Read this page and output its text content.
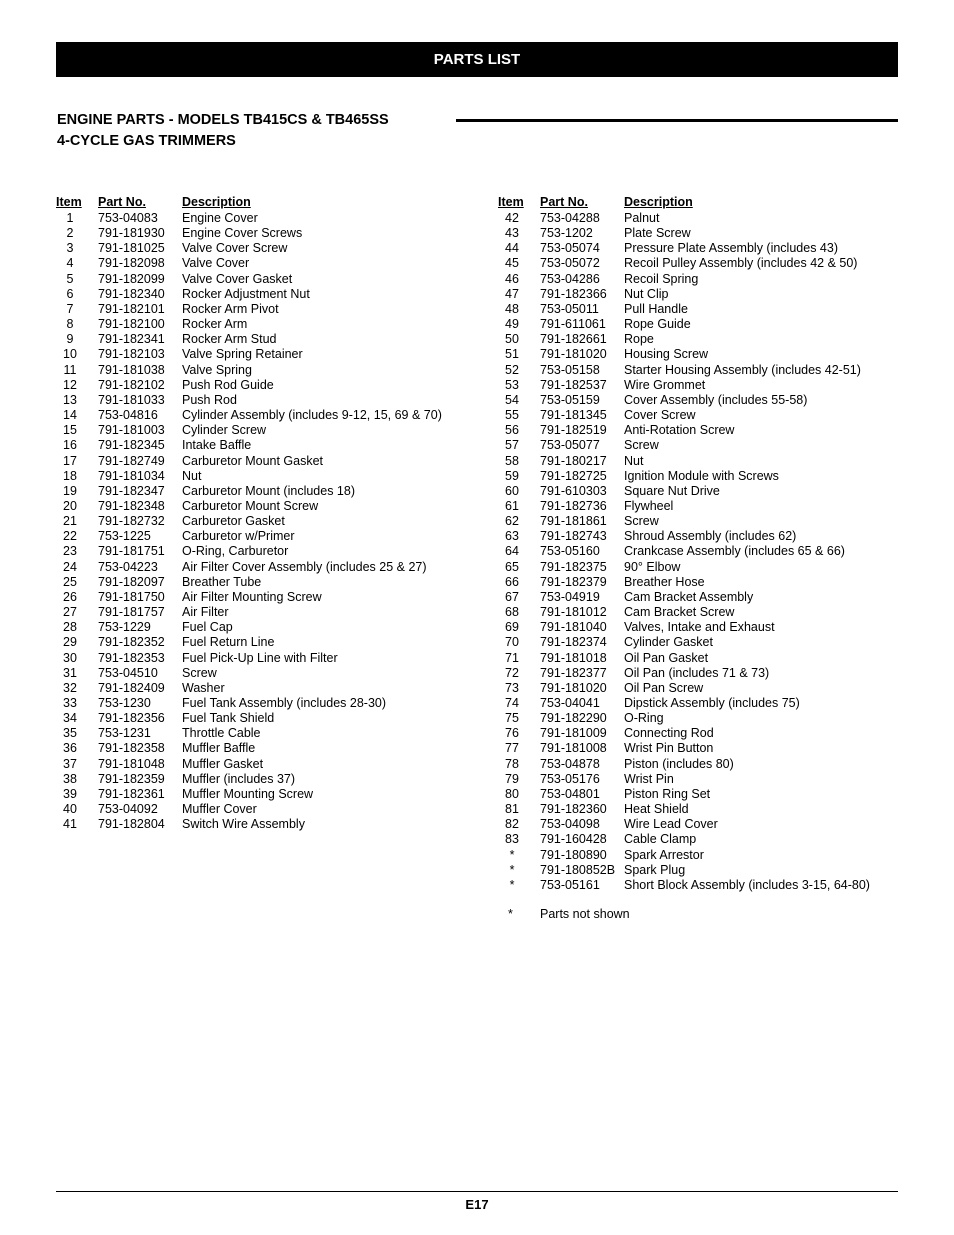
PARTS LIST
ENGINE PARTS - MODELS TB415CS & TB465SS
4-CYCLE GAS TRIMMERS
Item	Part No.	Description
1	753-04083	Engine Cover
2	791-181930	Engine Cover Screws
3	791-181025	Valve Cover Screw
4	791-182098	Valve Cover
5	791-182099	Valve Cover Gasket
6	791-182340	Rocker Adjustment Nut
7	791-182101	Rocker Arm Pivot
8	791-182100	Rocker Arm
9	791-182341	Rocker Arm Stud
10	791-182103	Valve Spring Retainer
11	791-181038	Valve Spring
12	791-182102	Push Rod Guide
13	791-181033	Push Rod
14	753-04816	Cylinder Assembly (includes 9-12, 15, 69 & 70)
15	791-181003	Cylinder Screw
16	791-182345	Intake Baffle
17	791-182749	Carburetor Mount Gasket
18	791-181034	Nut
19	791-182347	Carburetor Mount (includes 18)
20	791-182348	Carburetor Mount Screw
21	791-182732	Carburetor Gasket
22	753-1225	Carburetor w/Primer
23	791-181751	O-Ring, Carburetor
24	753-04223	Air Filter Cover Assembly (includes 25 & 27)
25	791-182097	Breather Tube
26	791-181750	Air Filter Mounting Screw
27	791-181757	Air Filter
28	753-1229	Fuel Cap
29	791-182352	Fuel Return Line
30	791-182353	Fuel Pick-Up Line with Filter
31	753-04510	Screw
32	791-182409	Washer
33	753-1230	Fuel Tank Assembly (includes 28-30)
34	791-182356	Fuel Tank Shield
35	753-1231	Throttle Cable
36	791-182358	Muffler Baffle
37	791-181048	Muffler Gasket
38	791-182359	Muffler (includes 37)
39	791-182361	Muffler Mounting Screw
40	753-04092	Muffler Cover
41	791-182804	Switch Wire Assembly
Item	Part No.	Description
42	753-04288	Palnut
43	753-1202	Plate Screw
44	753-05074	Pressure Plate Assembly (includes 43)
45	753-05072	Recoil Pulley Assembly (includes 42 & 50)
46	753-04286	Recoil Spring
47	791-182366	Nut Clip
48	753-05011	Pull Handle
49	791-611061	Rope Guide
50	791-182661	Rope
51	791-181020	Housing Screw
52	753-05158	Starter Housing Assembly (includes 42-51)
53	791-182537	Wire Grommet
54	753-05159	Cover Assembly (includes 55-58)
55	791-181345	Cover Screw
56	791-182519	Anti-Rotation Screw
57	753-05077	Screw
58	791-180217	Nut
59	791-182725	Ignition Module with Screws
60	791-610303	Square Nut Drive
61	791-182736	Flywheel
62	791-181861	Screw
63	791-182743	Shroud Assembly (includes 62)
64	753-05160	Crankcase Assembly (includes 65 & 66)
65	791-182375	90° Elbow
66	791-182379	Breather Hose
67	753-04919	Cam Bracket Assembly
68	791-181012	Cam Bracket Screw
69	791-181040	Valves, Intake and Exhaust
70	791-182374	Cylinder Gasket
71	791-181018	Oil Pan Gasket
72	791-182377	Oil Pan (includes 71 & 73)
73	791-181020	Oil Pan Screw
74	753-04041	Dipstick Assembly (includes 75)
75	791-182290	O-Ring
76	791-181009	Connecting Rod
77	791-181008	Wrist Pin Button
78	753-04878	Piston (includes 80)
79	753-05176	Wrist Pin
80	753-04801	Piston Ring Set
81	791-182360	Heat Shield
82	753-04098	Wire Lead Cover
83	791-160428	Cable Clamp
*	791-180890	Spark Arrestor
*	791-180852B	Spark Plug
*	753-05161	Short Block Assembly (includes 3-15, 64-80)
* Parts not shown
E17
